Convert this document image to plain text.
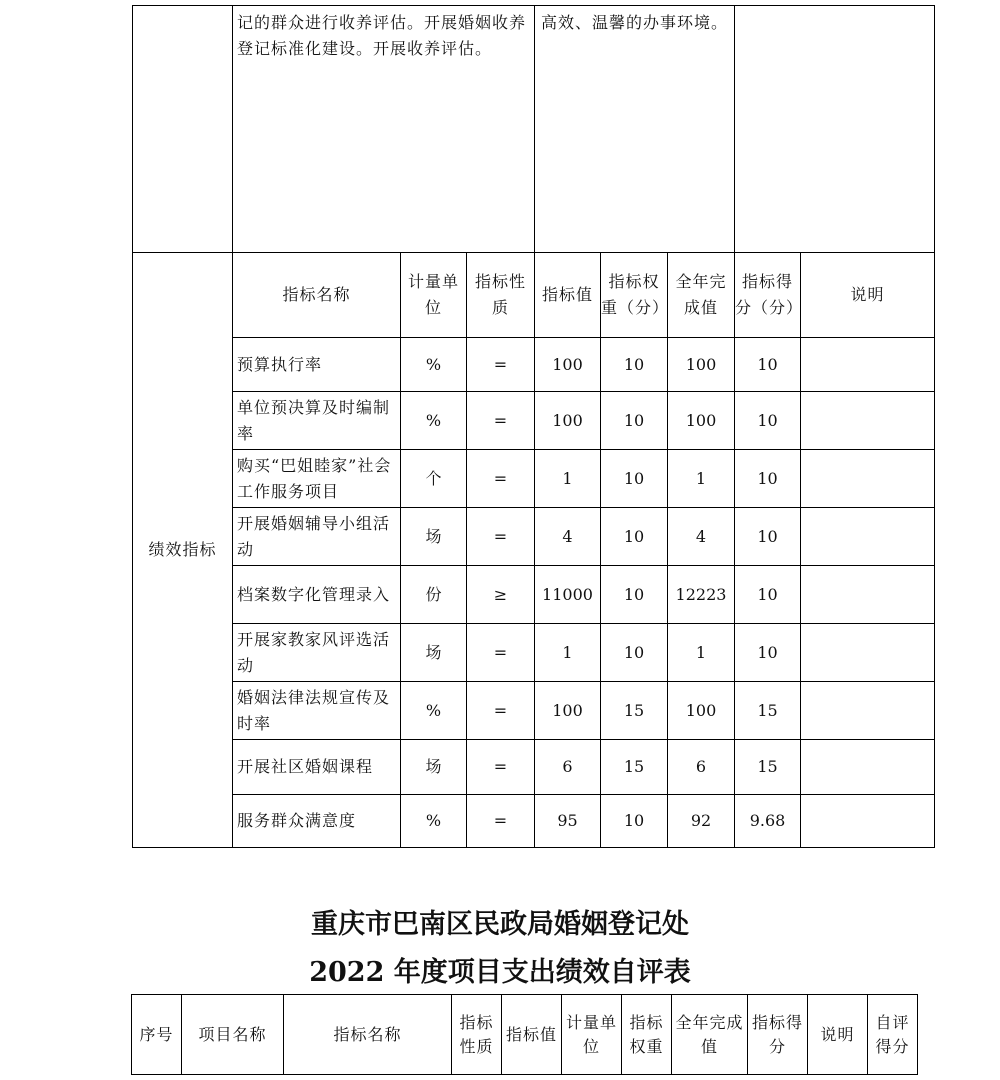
	记的群众进行收养评估。开展婚姻收养登记标准化建设。开展收养评估。			高效、温馨的办事环境。				
绩效指标	指标名称	计量单位	指标性质	指标值	指标权重（分）	全年完成值	指标得分（分）	说明
	预算执行率	%	=	100	10	100	10	
	单位预决算及时编制率	%	=	100	10	100	10	
	购买“巴姐睦家”社会工作服务项目	个	=	1	10	1	10	
	开展婚姻辅导小组活动	场	=	4	10	4	10	
	档案数字化管理录入	份	≥	11000	10	12223	10	
	开展家教家风评选活动	场	=	1	10	1	10	
	婚姻法律法规宣传及时率	%	=	100	15	100	15	
	开展社区婚姻课程	场	=	6	15	6	15	
	服务群众满意度	%	=	95	10	92	9.68	
重庆市巴南区民政局婚姻登记处
2022 年度项目支出绩效自评表
序号	项目名称	指标名称	指标性质	指标值	计量单位	指标权重	全年完成值	指标得分	说明	自评得分
